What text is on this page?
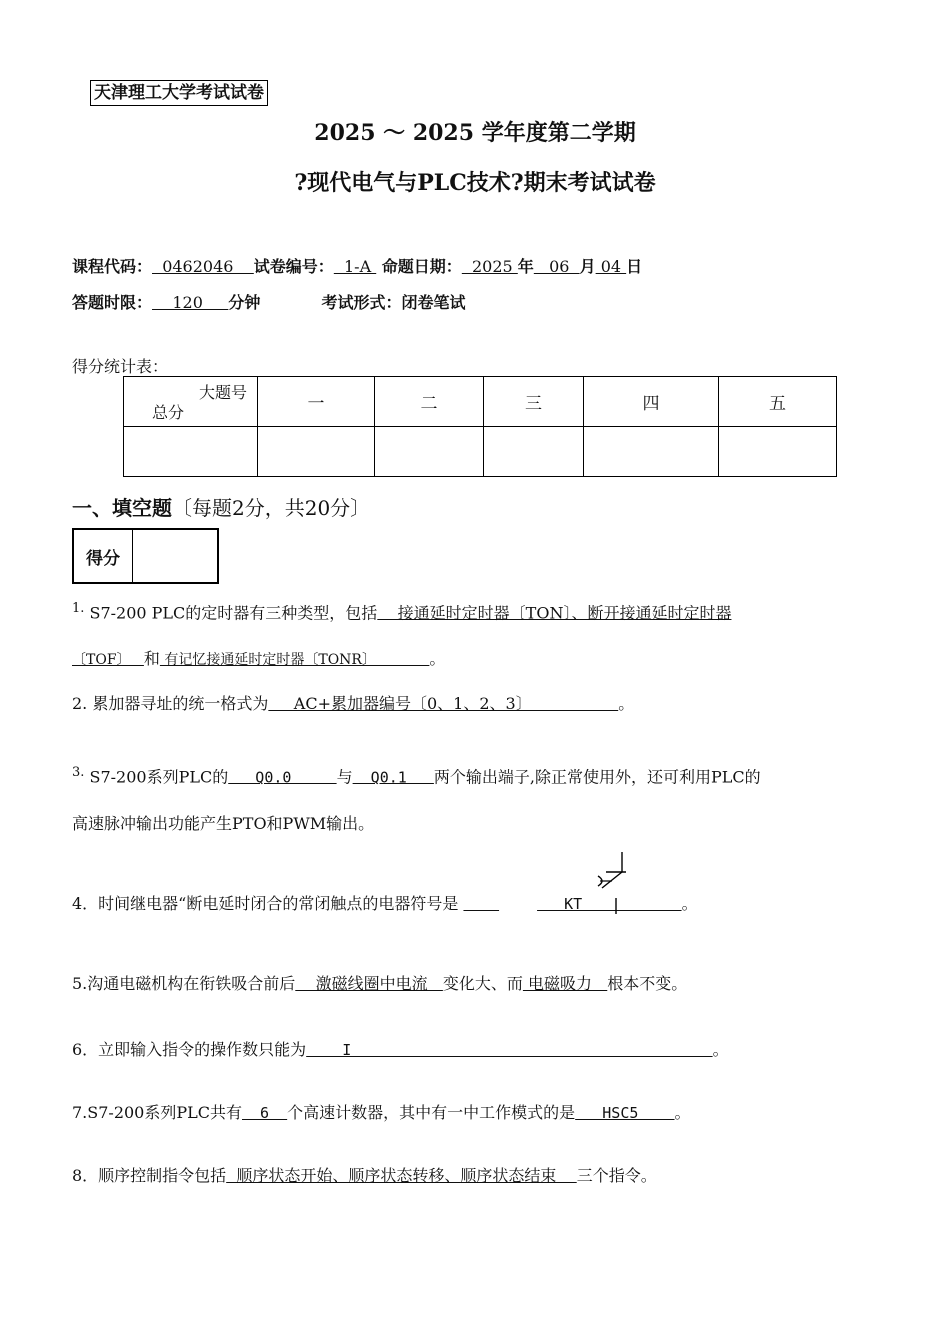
天津理工大学考试试卷
2025 ～ 2025 学年度第二学期
?现代电气与PLC技术?期末考试试卷
课程代码：  0462046    试卷编号：  1-A  命题日期：  2025 年   06  月 04 日
答题时限：    120     分钟	考试形式：闭卷笔试
得分统计表：
大题号
总分	一	二	三	四	五

一、填空题〔每题2分，共20分〕
得分	
$^{1.}$ S7-200 PLC的定时器有三种类型，包括    接通延时定时器〔TON〕、断开接通延时定时器
〔TOF〕   和 有记忆接通延时定时器〔TONR〕            。
2. 累加器寻址的统一格式为     AC+累加器编号〔0、1、2、3〕                 。
$^{3.}$ S7-200系列PLC的   Q0.0     与  Q0.1   两个输出端子,除正常使用外，还可利用PLC的
高速脉冲输出功能产生PTO和PWM输出。
4．时间继电器“断电延时闭合的常闭触点的电器符号是	KT           。
5.沟通电磁机构在衔铁吸合前后    激磁线圈中电流   变化大、而 电磁吸力   根本不变。
6．立即输入指令的操作数只能为    I                                        。
7.S7-200系列PLC共有  6  个高速计数器，其中有一中工作模式的是   HSC5    。
8．顺序控制指令包括  顺序状态开始、顺序状态转移、顺序状态结束    三个指令。
